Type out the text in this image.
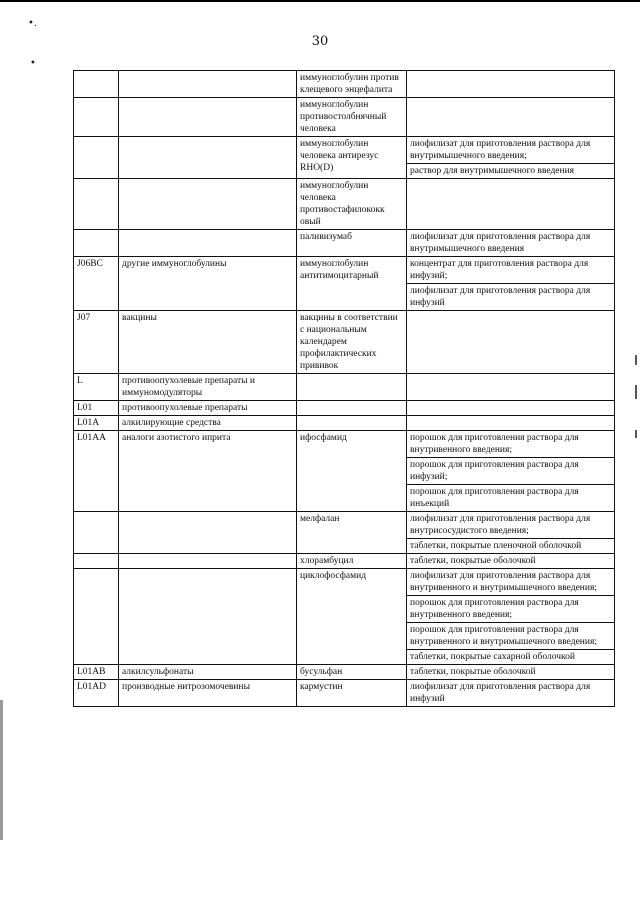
•.
•
30
		иммуноглобулин против клещевого энцефалита	
		иммуноглобулин противостолбнячный человека	
		иммуноглобулин человека антирезус RHO(D)	лиофилизат для приготовления раствора для внутримышечного введения;
			раствор для внутримышечного введения
		иммуноглобулин человека противостафилококк овый	
		паливизумаб	лиофилизат для приготовления раствора для внутримышечного введения
J06BC	другие иммуноглобулины	иммуноглобулин антитимоцитарный	концентрат для приготовления раствора для инфузий;
			лиофилизат для приготовления раствора для инфузий
J07	вакцины	вакцины в соответствии с национальным календарем профилактических прививок	
L	противоопухолевые препараты и иммуномодуляторы		
L01	противоопухолевые препараты		
L01A	алкилирующие средства		
L01AA	аналоги азотистого иприта	ифосфамид	порошок для приготовления раствора для внутривенного введения;
			порошок для приготовления раствора для инфузий;
			порошок для приготовления раствора для инъекций
		мелфалан	лиофилизат для приготовления раствора для внутрисосудистого введения;
			таблетки, покрытые пленочной оболочкой
		хлорамбуцил	таблетки, покрытые оболочкой
		циклофосфамид	лиофилизат для приготовления раствора для внутривенного и внутримышечного введения;
			порошок для приготовления раствора для внутривенного введения;
			порошок для приготовления раствора для внутривенного и внутримышечного введения;
			таблетки, покрытые сахарной оболочкой
L01AB	алкилсульфонаты	бусульфан	таблетки, покрытые оболочкой
L01AD	производные нитрозомочевины	кармустин	лиофилизат для приготовления раствора для инфузий
